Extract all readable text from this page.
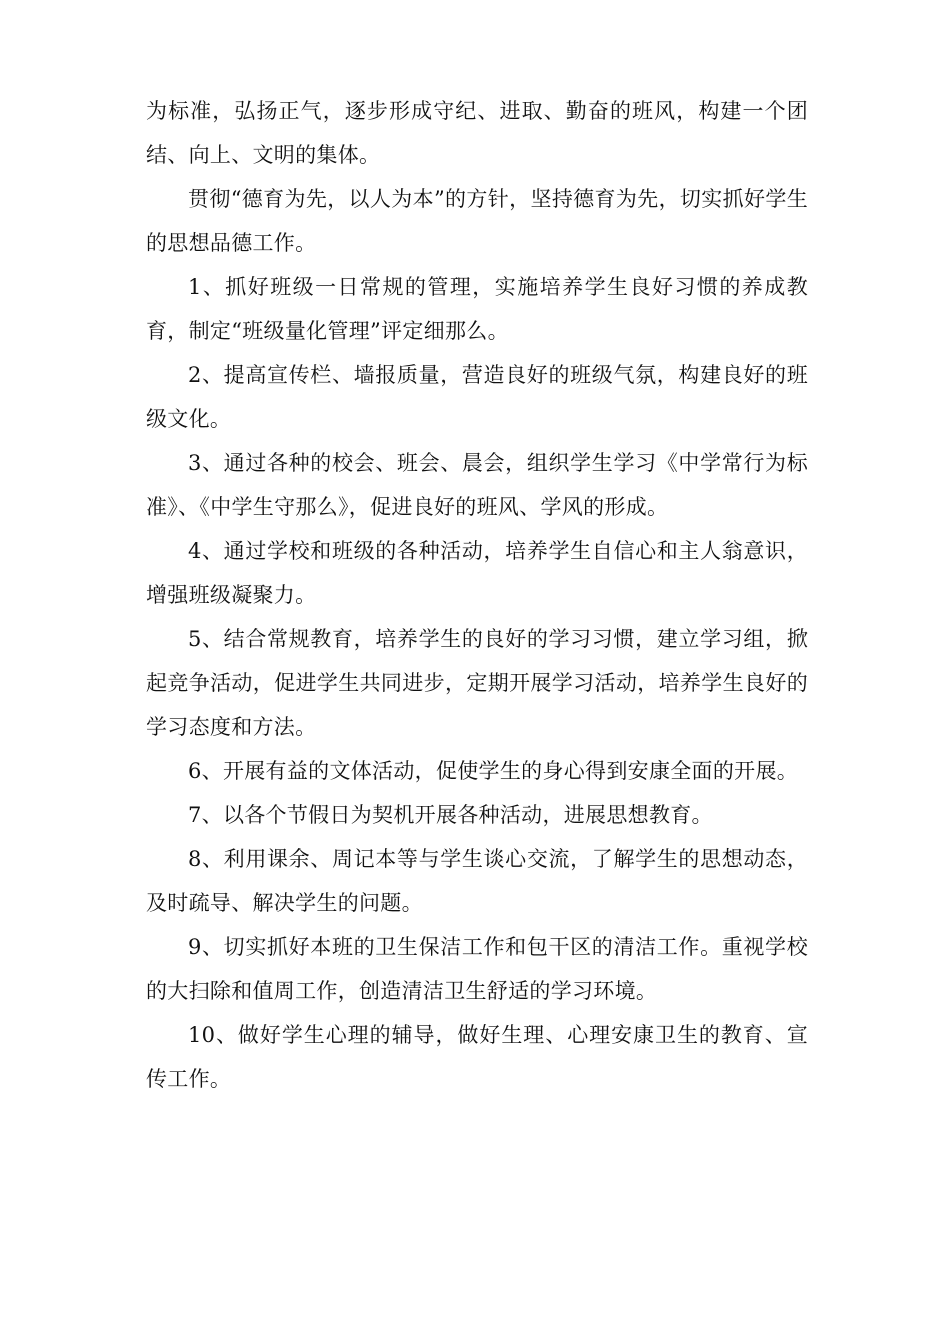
为标准，弘扬正气，逐步形成守纪、进取、勤奋的班风，构建一个团结、向上、文明的集体。

贯彻“德育为先，以人为本”的方针，坚持德育为先，切实抓好学生的思想品德工作。

1、抓好班级一日常规的管理，实施培养学生良好习惯的养成教育，制定“班级量化管理”评定细那么。

2、提高宣传栏、墙报质量，营造良好的班级气氛，构建良好的班级文化。

3、通过各种的校会、班会、晨会，组织学生学习《中学常行为标准》、《中学生守那么》，促进良好的班风、学风的形成。

4、通过学校和班级的各种活动，培养学生自信心和主人翁意识，增强班级凝聚力。

5、结合常规教育，培养学生的良好的学习习惯，建立学习组，掀起竞争活动，促进学生共同进步，定期开展学习活动，培养学生良好的学习态度和方法。

6、开展有益的文体活动，促使学生的身心得到安康全面的开展。

7、以各个节假日为契机开展各种活动，进展思想教育。

8、利用课余、周记本等与学生谈心交流，了解学生的思想动态，及时疏导、解决学生的问题。

9、切实抓好本班的卫生保洁工作和包干区的清洁工作。重视学校的大扫除和值周工作，创造清洁卫生舒适的学习环境。

10、做好学生心理的辅导，做好生理、心理安康卫生的教育、宣传工作。
